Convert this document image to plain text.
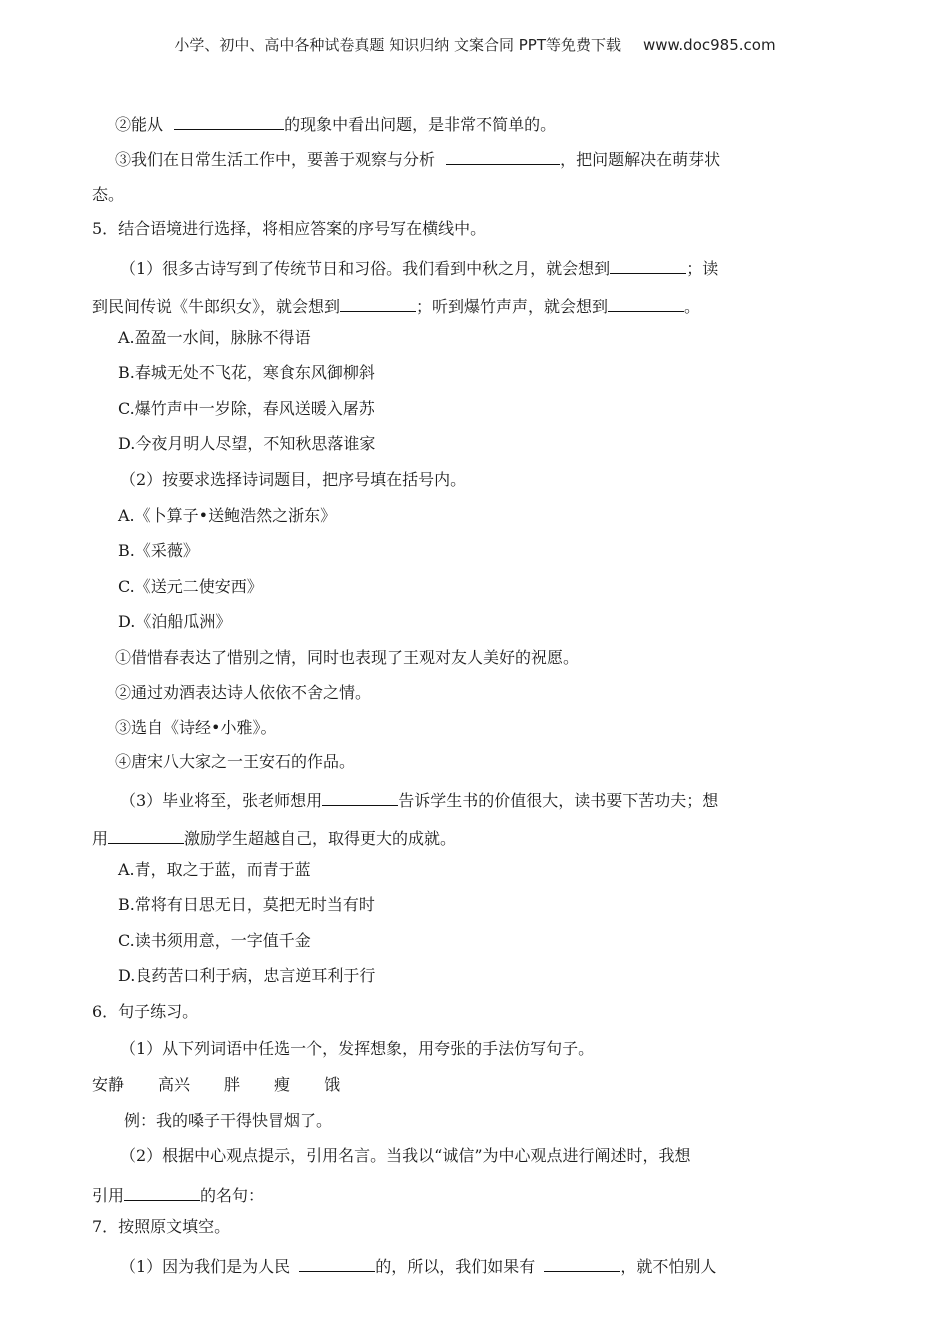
小学、初中、高中各种试卷真题 知识归纳 文案合同 PPT等免费下载 www.doc985.com
②能从	的现象中看出问题，是非常不简单的。
③我们在日常生活工作中，要善于观察与分析	，把问题解决在萌芽状
态。
5．结合语境进行选择，将相应答案的序号写在横线中。
（1）很多古诗写到了传统节日和习俗。我们看到中秋之月，就会想到	；读
到民间传说《牛郎织女》，就会想到	；听到爆竹声声，就会想到	。
A.盈盈一水间，脉脉不得语
B.春城无处不飞花，寒食东风御柳斜
C.爆竹声中一岁除，春风送暖入屠苏
D.今夜月明人尽望，不知秋思落谁家
（2）按要求选择诗词题目，把序号填在括号内。
A.《卜算子•送鲍浩然之浙东》
B.《采薇》
C.《送元二使安西》
D.《泊船瓜洲》
①借惜春表达了惜别之情，同时也表现了王观对友人美好的祝愿。
②通过劝酒表达诗人依依不舍之情。
③选自《诗经•小雅》。
④唐宋八大家之一王安石的作品。
（3）毕业将至，张老师想用	告诉学生书的价值很大，读书要下苦功夫；想
用	激励学生超越自己，取得更大的成就。
A.青，取之于蓝，而青于蓝
B.常将有日思无日，莫把无时当有时
C.读书须用意，一字值千金
D.良药苦口利于病，忠言逆耳利于行
6．句子练习。
（1）从下列词语中任选一个，发挥想象，用夸张的手法仿写句子。
安静 高兴 胖 瘦 饿
例：我的嗓子干得快冒烟了。
（2）根据中心观点提示，引用名言。当我以“诚信”为中心观点进行阐述时，我想
引用	的名句：
7．按照原文填空。
（1）因为我们是为人民	的，所以，我们如果有	，就不怕别人
